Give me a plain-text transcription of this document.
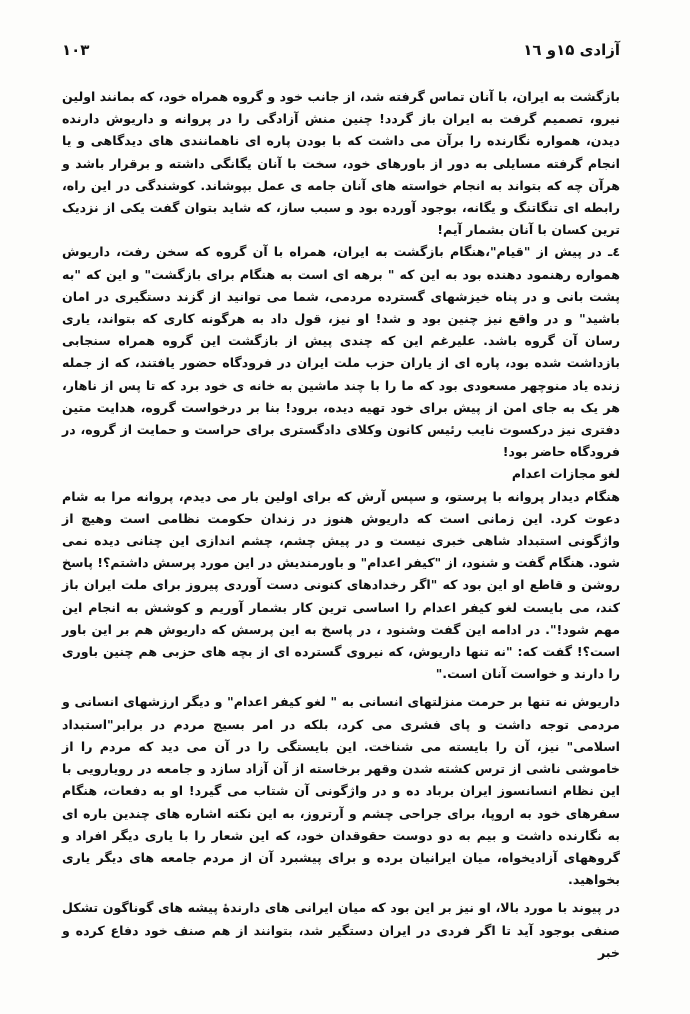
۱۰۳	آزادی ۱۵و ۱٦

بازگشت به ایران، با آنان تماس گرفته شد، از جانب خود و گروه همراه خود، که بمانند اولین نیرو، تصمیم گرفت به ایران باز گردد! چنین منش آزادگی را در پروانه و داریوش دارنده دیدن، همواره نگارنده را برآن می داشت که با بودن پاره ای ناهمانندی های دیدگاهی و یا انجام گرفته مسایلی به دور از باورهای خود، سخت با آنان یگانگی داشته و برقرار باشد و هرآن چه که بتواند به انجام خواسته های آنان جامه ی عمل بپوشاند. کوشندگی در این راه، رابطه ای تنگاتنگ و یگانه، بوجود آورده بود و سبب ساز، که شاید بتوان گفت یکی از نزدیک ترین کسان با آنان بشمار آیم!

٤ـ در پیش از "قیام"،هنگام بازگشت به ایران، همراه با آن گروه که سخن رفت، داریوش همواره رهنمود دهنده بود به این که " برهه ای است به هنگام برای بازگشت" و این که "به پشت بانی و در پناه خیزشهای گسترده مردمی، شما می توانید از گزند دستگیری در امان باشید" و در واقع نیز چنین بود و شد! او نیز، قول داد به هرگونه کاری که بتواند، یاری رسان آن گروه باشد. علیرغم این که چندی پیش از بازگشت این گروه همراه سنجابی بازداشت شده بود، پاره ای از یاران حزب ملت ایران در فرودگاه حضور یافتند، که از جمله زنده یاد منوچهر مسعودی بود که ما را با چند ماشین به خانه ی خود برد که تا پس از ناهار، هر یک به جای امن از پیش برای خود تهیه دیده، برود! بنا بر درخواست گروه، هدایت متین دفتری نیز درکسوت نایب رئیس کانون وکلای دادگستری برای حراست و حمایت از گروه، در فرودگاه حاضر بود!

لغو مجازات اعدام

هنگام دیدار پروانه با پرستو، و سپس آرش که برای اولین بار می دیدم، پروانه مرا به شام دعوت کرد. این زمانی است که داریوش هنوز در زندان حکومت نظامی است وهیچ از واژگونی استبداد شاهی خبری نیست و در پیش چشم، چشم اندازی این چنانی دیده نمی شود. هنگام گفت و شنود، از "کیفر اعدام" و باورمندیش در این مورد پرسش داشتم؟! پاسخ روشن و قاطع او این بود که "اگر رخدادهای کنونی دست آوردی پیروز برای ملت ایران باز کند، می بایست لغو کیفر اعدام را اساسی ترین کار بشمار آوریم و کوشش به انجام این مهم شود!". در ادامه این گفت وشنود ، در پاسخ به این پرسش که داریوش هم بر این باور است؟! گفت که: "نه تنها داریوش، که نیروی گسترده ای از بچه های حزبی هم چنین باوری را دارند و خواست آنان است."

داریوش نه تنها بر حرمت منزلتهای انسانی به " لغو کیفر اعدام" و دیگر ارزشهای انسانی و مردمی توجه داشت و پای فشری می کرد، بلکه در امر بسیج مردم در برابر"استبداد اسلامی" نیز، آن را بایسته می شناخت. این بایستگی را در آن می دید که مردم را از خاموشی ناشی از ترس کشته شدن وقهر برخاسته از آن آزاد سازد و جامعه در رویارویی با این نظام انسانسوز ایران برباد ده و در واژگونی آن شتاب می گیرد! او به دفعات، هنگام سفرهای خود به اروپا، برای جراحی چشم و آرتروز، به این نکته اشاره های چندین باره ای به نگارنده داشت و بیم به دو دوست حقوقدان خود، که این شعار را با یاری دیگر افراد و گروههای آزادیخواه، میان ایرانیان برده و برای پیشبرد آن از مردم جامعه های دیگر یاری بخواهید.

در پیوند با مورد بالا، او نیز بر این بود که میان ایرانی های دارندهٔ پیشه های گوناگون تشکل صنفی بوجود آید تا اگر فردی در ایران دستگیر شد، بتوانند از هم صنف خود دفاع کرده و خبر
